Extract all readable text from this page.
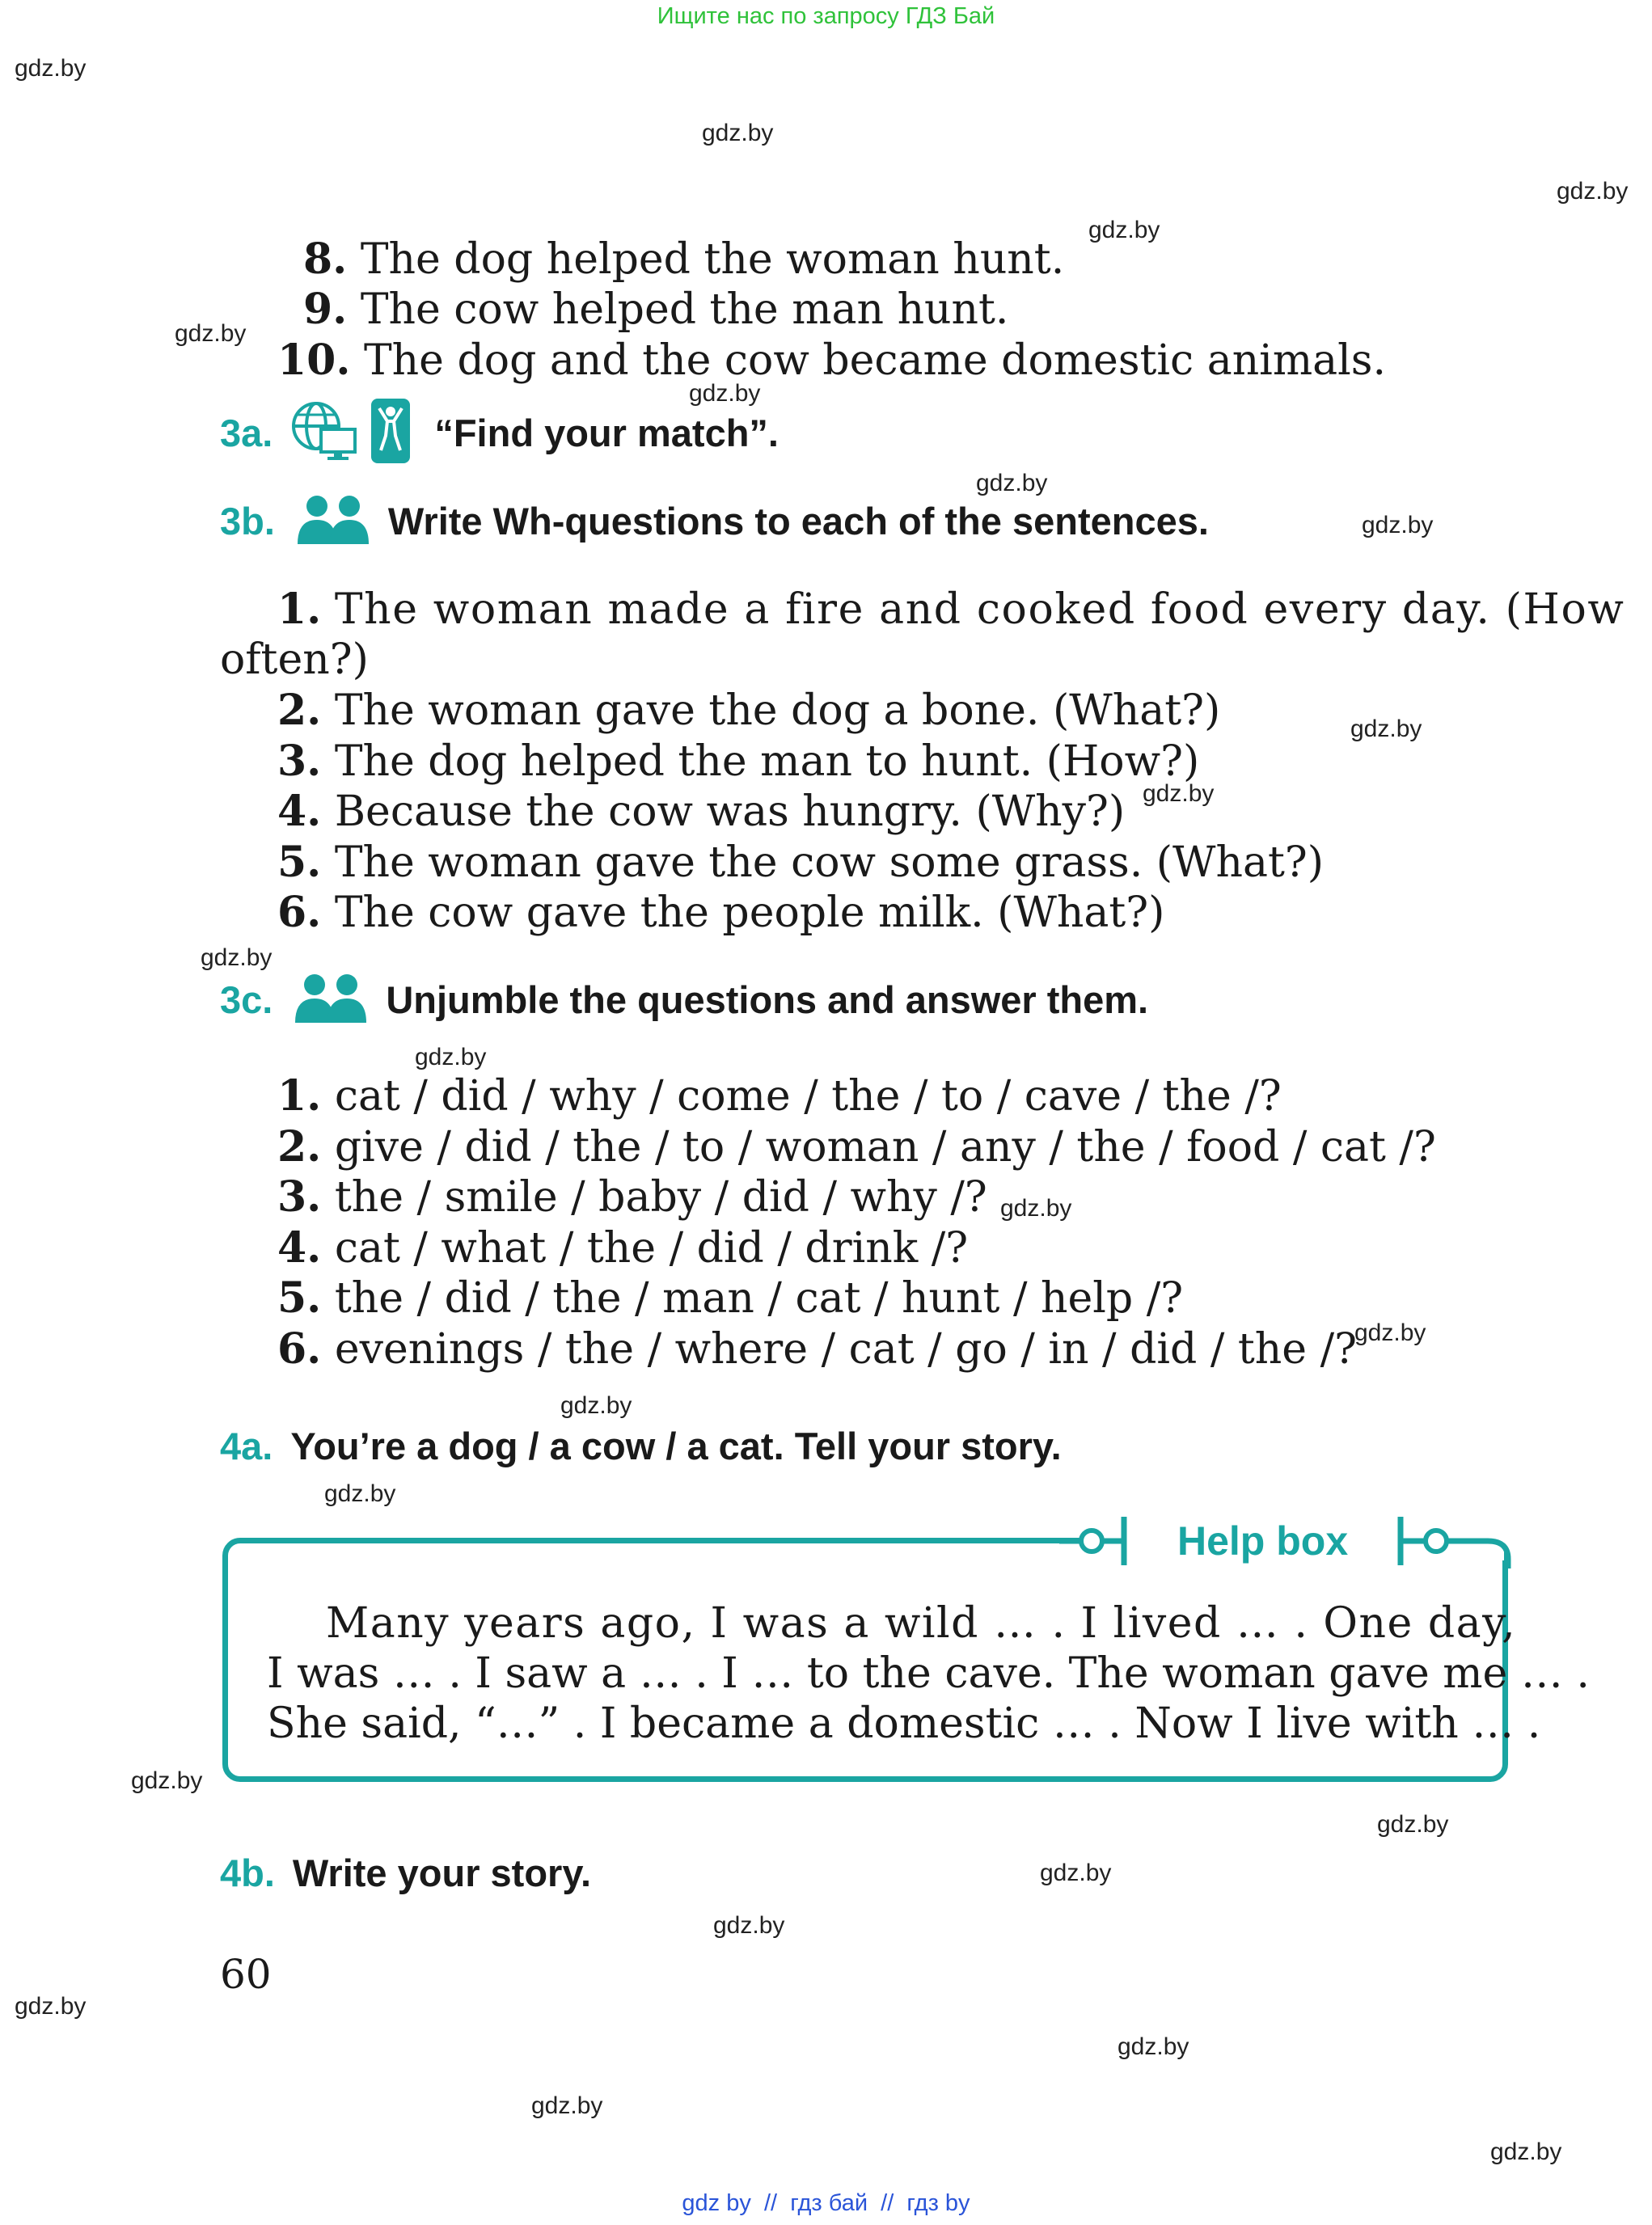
Ищите нас по запросу ГДЗ Бай
gdz.by
gdz.by
gdz.by
gdz.by
gdz.by
gdz.by
gdz.by
gdz.by
gdz.by
gdz.by
gdz.by
gdz.by
gdz.by
gdz.by
gdz.by
gdz.by
gdz.by
gdz.by
gdz.by
gdz.by
gdz.by
gdz.by
gdz.by
gdz.by
8. The dog helped the woman hunt.
9. The cow helped the man hunt.
10. The dog and the cow became domestic animals.
3a.	“Find your match”.
3b.	Write Wh-questions to each of the sentences.
1. The woman made a fire and cooked food every day. (How
often?)
2. The woman gave the dog a bone. (What?)
3. The dog helped the man to hunt. (How?)
4. Because the cow was hungry. (Why?)
5. The woman gave the cow some grass. (What?)
6. The cow gave the people milk. (What?)
3c.	Unjumble the questions and answer them.
1. cat / did / why / come / the / to / cave / the /?
2. give / did / the / to / woman / any / the / food / cat /?
3. the / smile / baby / did / why /?
4. cat / what / the / did / drink /?
5. the / did / the / man / cat / hunt / help /?
6. evenings / the / where / cat / go / in / did / the /?
4a. You’re a dog / a cow / a cat. Tell your story.
Help box
Many years ago, I was a wild … . I lived … . One day,
I was … . I saw a … . I … to the cave. The woman gave me … .
She said, “…” . I became a domestic … . Now I live with … .
4b. Write your story.
60
gdz by  //  гдз бай  //  гдз by
